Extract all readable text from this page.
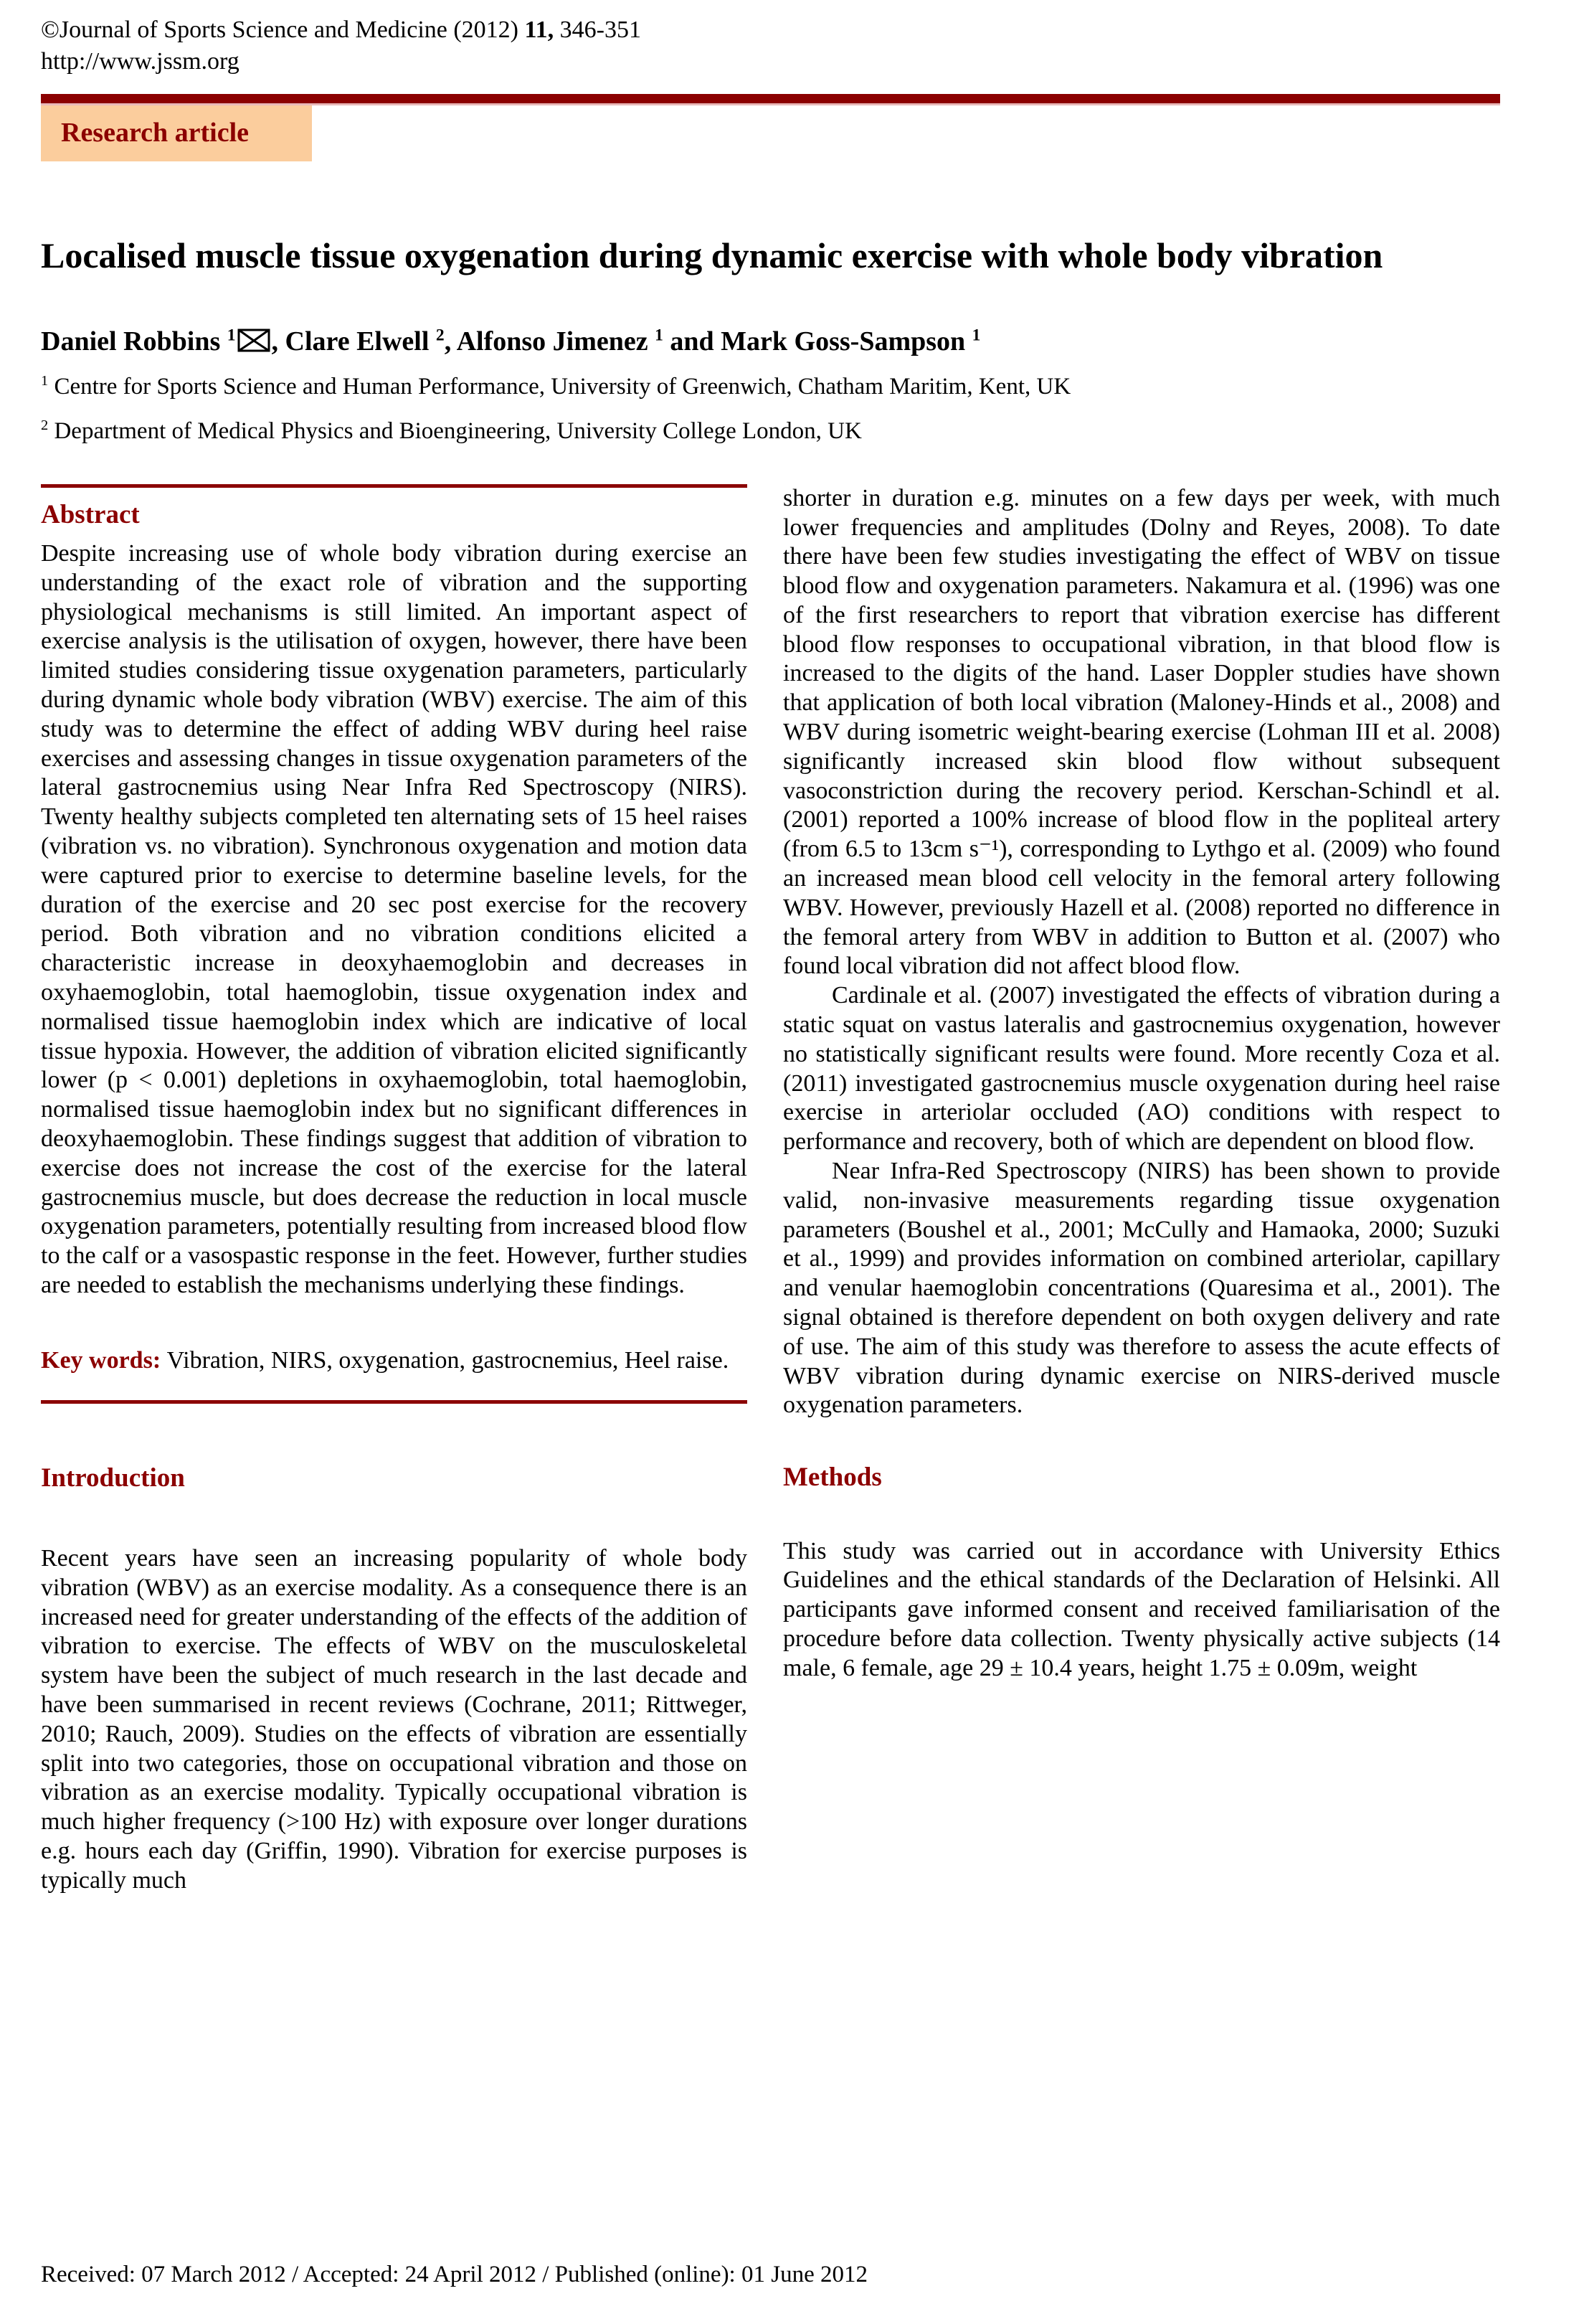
©Journal of Sports Science and Medicine (2012) 11, 346-351
http://www.jssm.org
Research article
Localised muscle tissue oxygenation during dynamic exercise with whole body vibration

Daniel Robbins $^1$ , Clare Elwell $^2$, Alfonso Jimenez $^1$ and Mark Goss-Sampson $^1$

$^1$ Centre for Sports Science and Human Performance, University of Greenwich, Chatham Maritim, Kent, UK
$^2$ Department of Medical Physics and Bioengineering, University College London, UK
Abstract

Despite increasing use of whole body vibration during exercise an understanding of the exact role of vibration and the supporting physiological mechanisms is still limited. An important aspect of exercise analysis is the utilisation of oxygen, however, there have been limited studies considering tissue oxygenation parameters, particularly during dynamic whole body vibration (WBV) exercise. The aim of this study was to determine the effect of adding WBV during heel raise exercises and assessing changes in tissue oxygenation parameters of the lateral gastrocnemius using Near Infra Red Spectroscopy (NIRS). Twenty healthy subjects completed ten alternating sets of 15 heel raises (vibration vs. no vibration). Synchronous oxygenation and motion data were captured prior to exercise to determine baseline levels, for the duration of the exercise and 20 sec post exercise for the recovery period. Both vibration and no vibration conditions elicited a characteristic increase in deoxyhaemoglobin and decreases in oxyhaemoglobin, total haemoglobin, tissue oxygenation index and normalised tissue haemoglobin index which are indicative of local tissue hypoxia. However, the addition of vibration elicited significantly lower (p < 0.001) depletions in oxyhaemoglobin, total haemoglobin, normalised tissue haemoglobin index but no significant differences in deoxyhaemoglobin. These findings suggest that addition of vibration to exercise does not increase the cost of the exercise for the lateral gastrocnemius muscle, but does decrease the reduction in local muscle oxygenation parameters, potentially resulting from increased blood flow to the calf or a vasospastic response in the feet. However, further studies are needed to establish the mechanisms underlying these findings.

Key words: Vibration, NIRS, oxygenation, gastrocnemius, Heel raise.

Introduction

Recent years have seen an increasing popularity of whole body vibration (WBV) as an exercise modality. As a consequence there is an increased need for greater understanding of the effects of the addition of vibration to exercise. The effects of WBV on the musculoskeletal system have been the subject of much research in the last decade and have been summarised in recent reviews (Cochrane, 2011; Rittweger, 2010; Rauch, 2009). Studies on the effects of vibration are essentially split into two categories, those on occupational vibration and those on vibration as an exercise modality. Typically occupational vibration is much higher frequency (>100 Hz) with exposure over longer durations e.g. hours each day (Griffin, 1990). Vibration for exercise purposes is typically much

shorter in duration e.g. minutes on a few days per week, with much lower frequencies and amplitudes (Dolny and Reyes, 2008). To date there have been few studies investigating the effect of WBV on tissue blood flow and oxygenation parameters. Nakamura et al. (1996) was one of the first researchers to report that vibration exercise has different blood flow responses to occupational vibration, in that blood flow is increased to the digits of the hand. Laser Doppler studies have shown that application of both local vibration (Maloney-Hinds et al., 2008) and WBV during isometric weight-bearing exercise (Lohman III et al. 2008) significantly increased skin blood flow without subsequent vasoconstriction during the recovery period. Kerschan-Schindl et al. (2001) reported a 100% increase of blood flow in the popliteal artery (from 6.5 to 13cm s⁻¹), corresponding to Lythgo et al. (2009) who found an increased mean blood cell velocity in the femoral artery following WBV. However, previously Hazell et al. (2008) reported no difference in the femoral artery from WBV in addition to Button et al. (2007) who found local vibration did not affect blood flow.

Cardinale et al. (2007) investigated the effects of vibration during a static squat on vastus lateralis and gastrocnemius oxygenation, however no statistically significant results were found. More recently Coza et al. (2011) investigated gastrocnemius muscle oxygenation during heel raise exercise in arteriolar occluded (AO) conditions with respect to performance and recovery, both of which are dependent on blood flow.

Near Infra-Red Spectroscopy (NIRS) has been shown to provide valid, non-invasive measurements regarding tissue oxygenation parameters (Boushel et al., 2001; McCully and Hamaoka, 2000; Suzuki et al., 1999) and provides information on combined arteriolar, capillary and venular haemoglobin concentrations (Quaresima et al., 2001). The signal obtained is therefore dependent on both oxygen delivery and rate of use. The aim of this study was therefore to assess the acute effects of WBV vibration during dynamic exercise on NIRS-derived muscle oxygenation parameters.

Methods

This study was carried out in accordance with University Ethics Guidelines and the ethical standards of the Declaration of Helsinki. All participants gave informed consent and received familiarisation of the procedure before data collection. Twenty physically active subjects (14 male, 6 female, age 29 ± 10.4 years, height 1.75 ± 0.09m, weight

Received: 07 March 2012 / Accepted: 24 April 2012 / Published (online): 01 June 2012
